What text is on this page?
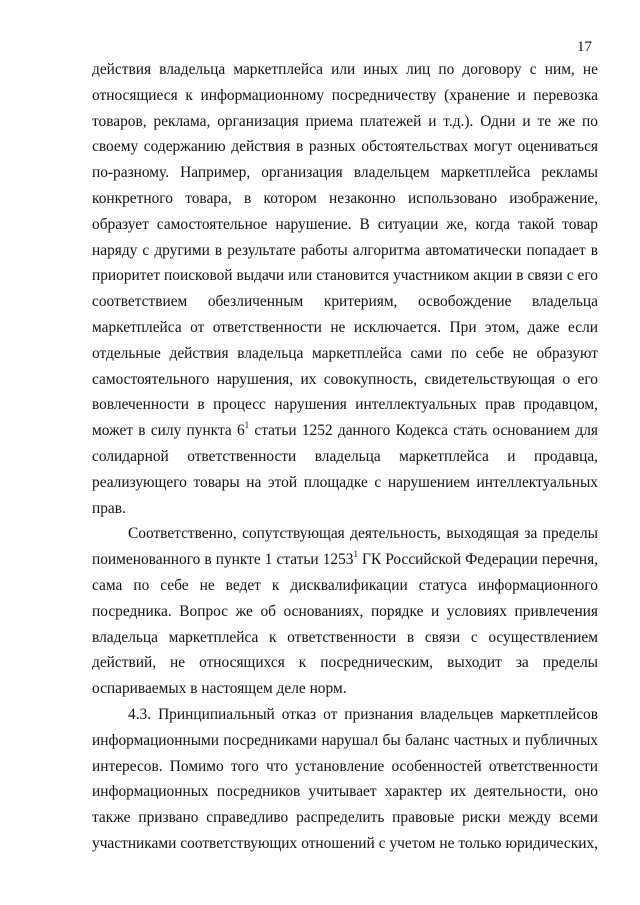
17

действия владельца маркетплейса или иных лиц по договору с ним, не
относящиеся к информационному посредничеству (хранение и перевозка
товаров, реклама, организация приема платежей и т.д.). Одни и те же по
своему содержанию действия в разных обстоятельствах могут оцениваться
по-разному. Например, организация владельцем маркетплейса рекламы
конкретного товара, в котором незаконно использовано изображение,
образует самостоятельное нарушение. В ситуации же, когда такой товар
наряду с другими в результате работы алгоритма автоматически попадает в
приоритет поисковой выдачи или становится участником акции в связи с его
соответствием обезличенным критериям, освобождение владельца
маркетплейса от ответственности не исключается. При этом, даже если
отдельные действия владельца маркетплейса сами по себе не образуют
самостоятельного нарушения, их совокупность, свидетельствующая о его
вовлеченности в процесс нарушения интеллектуальных прав продавцом,
может в силу пункта $6^1$ статьи 1252 данного Кодекса стать основанием для
солидарной ответственности владельца маркетплейса и продавца,
реализующего товары на этой площадке с нарушением интеллектуальных
прав.

Соответственно, сопутствующая деятельность, выходящая за пределы
поименованного в пункте 1 статьи 1253$^1$ ГК Российской Федерации перечня,
сама по себе не ведет к дисквалификации статуса информационного
посредника. Вопрос же об основаниях, порядке и условиях привлечения
владельца маркетплейса к ответственности в связи с осуществлением
действий, не относящихся к посредническим, выходит за пределы
оспариваемых в настоящем деле норм.

4.3. Принципиальный отказ от признания владельцев маркетплейсов
информационными посредниками нарушал бы баланс частных и публичных
интересов. Помимо того что установление особенностей ответственности
информационных посредников учитывает характер их деятельности, оно
также призвано справедливо распределить правовые риски между всеми
участниками соответствующих отношений с учетом не только юридических,
